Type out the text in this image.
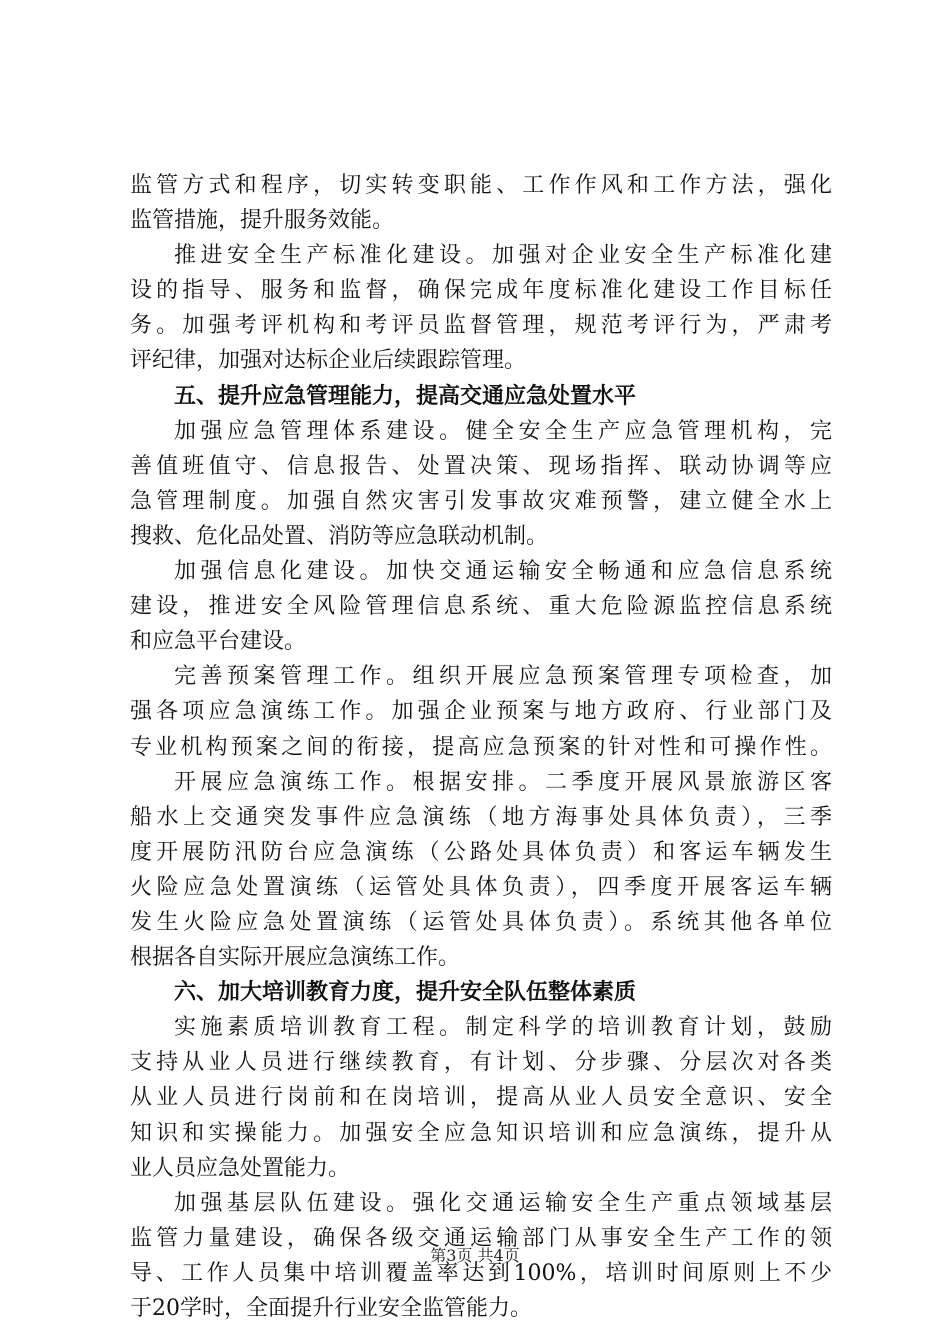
监管方式和程序，切实转变职能、工作作风和工作方法，强化
监管措施，提升服务效能。
推进安全生产标准化建设。加强对企业安全生产标准化建
设的指导、服务和监督，确保完成年度标准化建设工作目标任
务。加强考评机构和考评员监督管理，规范考评行为，严肃考
评纪律，加强对达标企业后续跟踪管理。
五、提升应急管理能力，提高交通应急处置水平
加强应急管理体系建设。健全安全生产应急管理机构，完
善值班值守、信息报告、处置决策、现场指挥、联动协调等应
急管理制度。加强自然灾害引发事故灾难预警，建立健全水上
搜救、危化品处置、消防等应急联动机制。
加强信息化建设。加快交通运输安全畅通和应急信息系统
建设，推进安全风险管理信息系统、重大危险源监控信息系统
和应急平台建设。
完善预案管理工作。组织开展应急预案管理专项检查，加
强各项应急演练工作。加强企业预案与地方政府、行业部门及
专业机构预案之间的衔接，提高应急预案的针对性和可操作性。
开展应急演练工作。根据安排。二季度开展风景旅游区客
船水上交通突发事件应急演练（地方海事处具体负责），三季
度开展防汛防台应急演练（公路处具体负责）和客运车辆发生
火险应急处置演练（运管处具体负责），四季度开展客运车辆
发生火险应急处置演练（运管处具体负责）。系统其他各单位
根据各自实际开展应急演练工作。
六、加大培训教育力度，提升安全队伍整体素质
实施素质培训教育工程。制定科学的培训教育计划，鼓励
支持从业人员进行继续教育，有计划、分步骤、分层次对各类
从业人员进行岗前和在岗培训，提高从业人员安全意识、安全
知识和实操能力。加强安全应急知识培训和应急演练，提升从
业人员应急处置能力。
加强基层队伍建设。强化交通运输安全生产重点领域基层
监管力量建设，确保各级交通运输部门从事安全生产工作的领
导、工作人员集中培训覆盖率达到100%，培训时间原则上不少
于20学时，全面提升行业安全监管能力。
第3页 共4页
